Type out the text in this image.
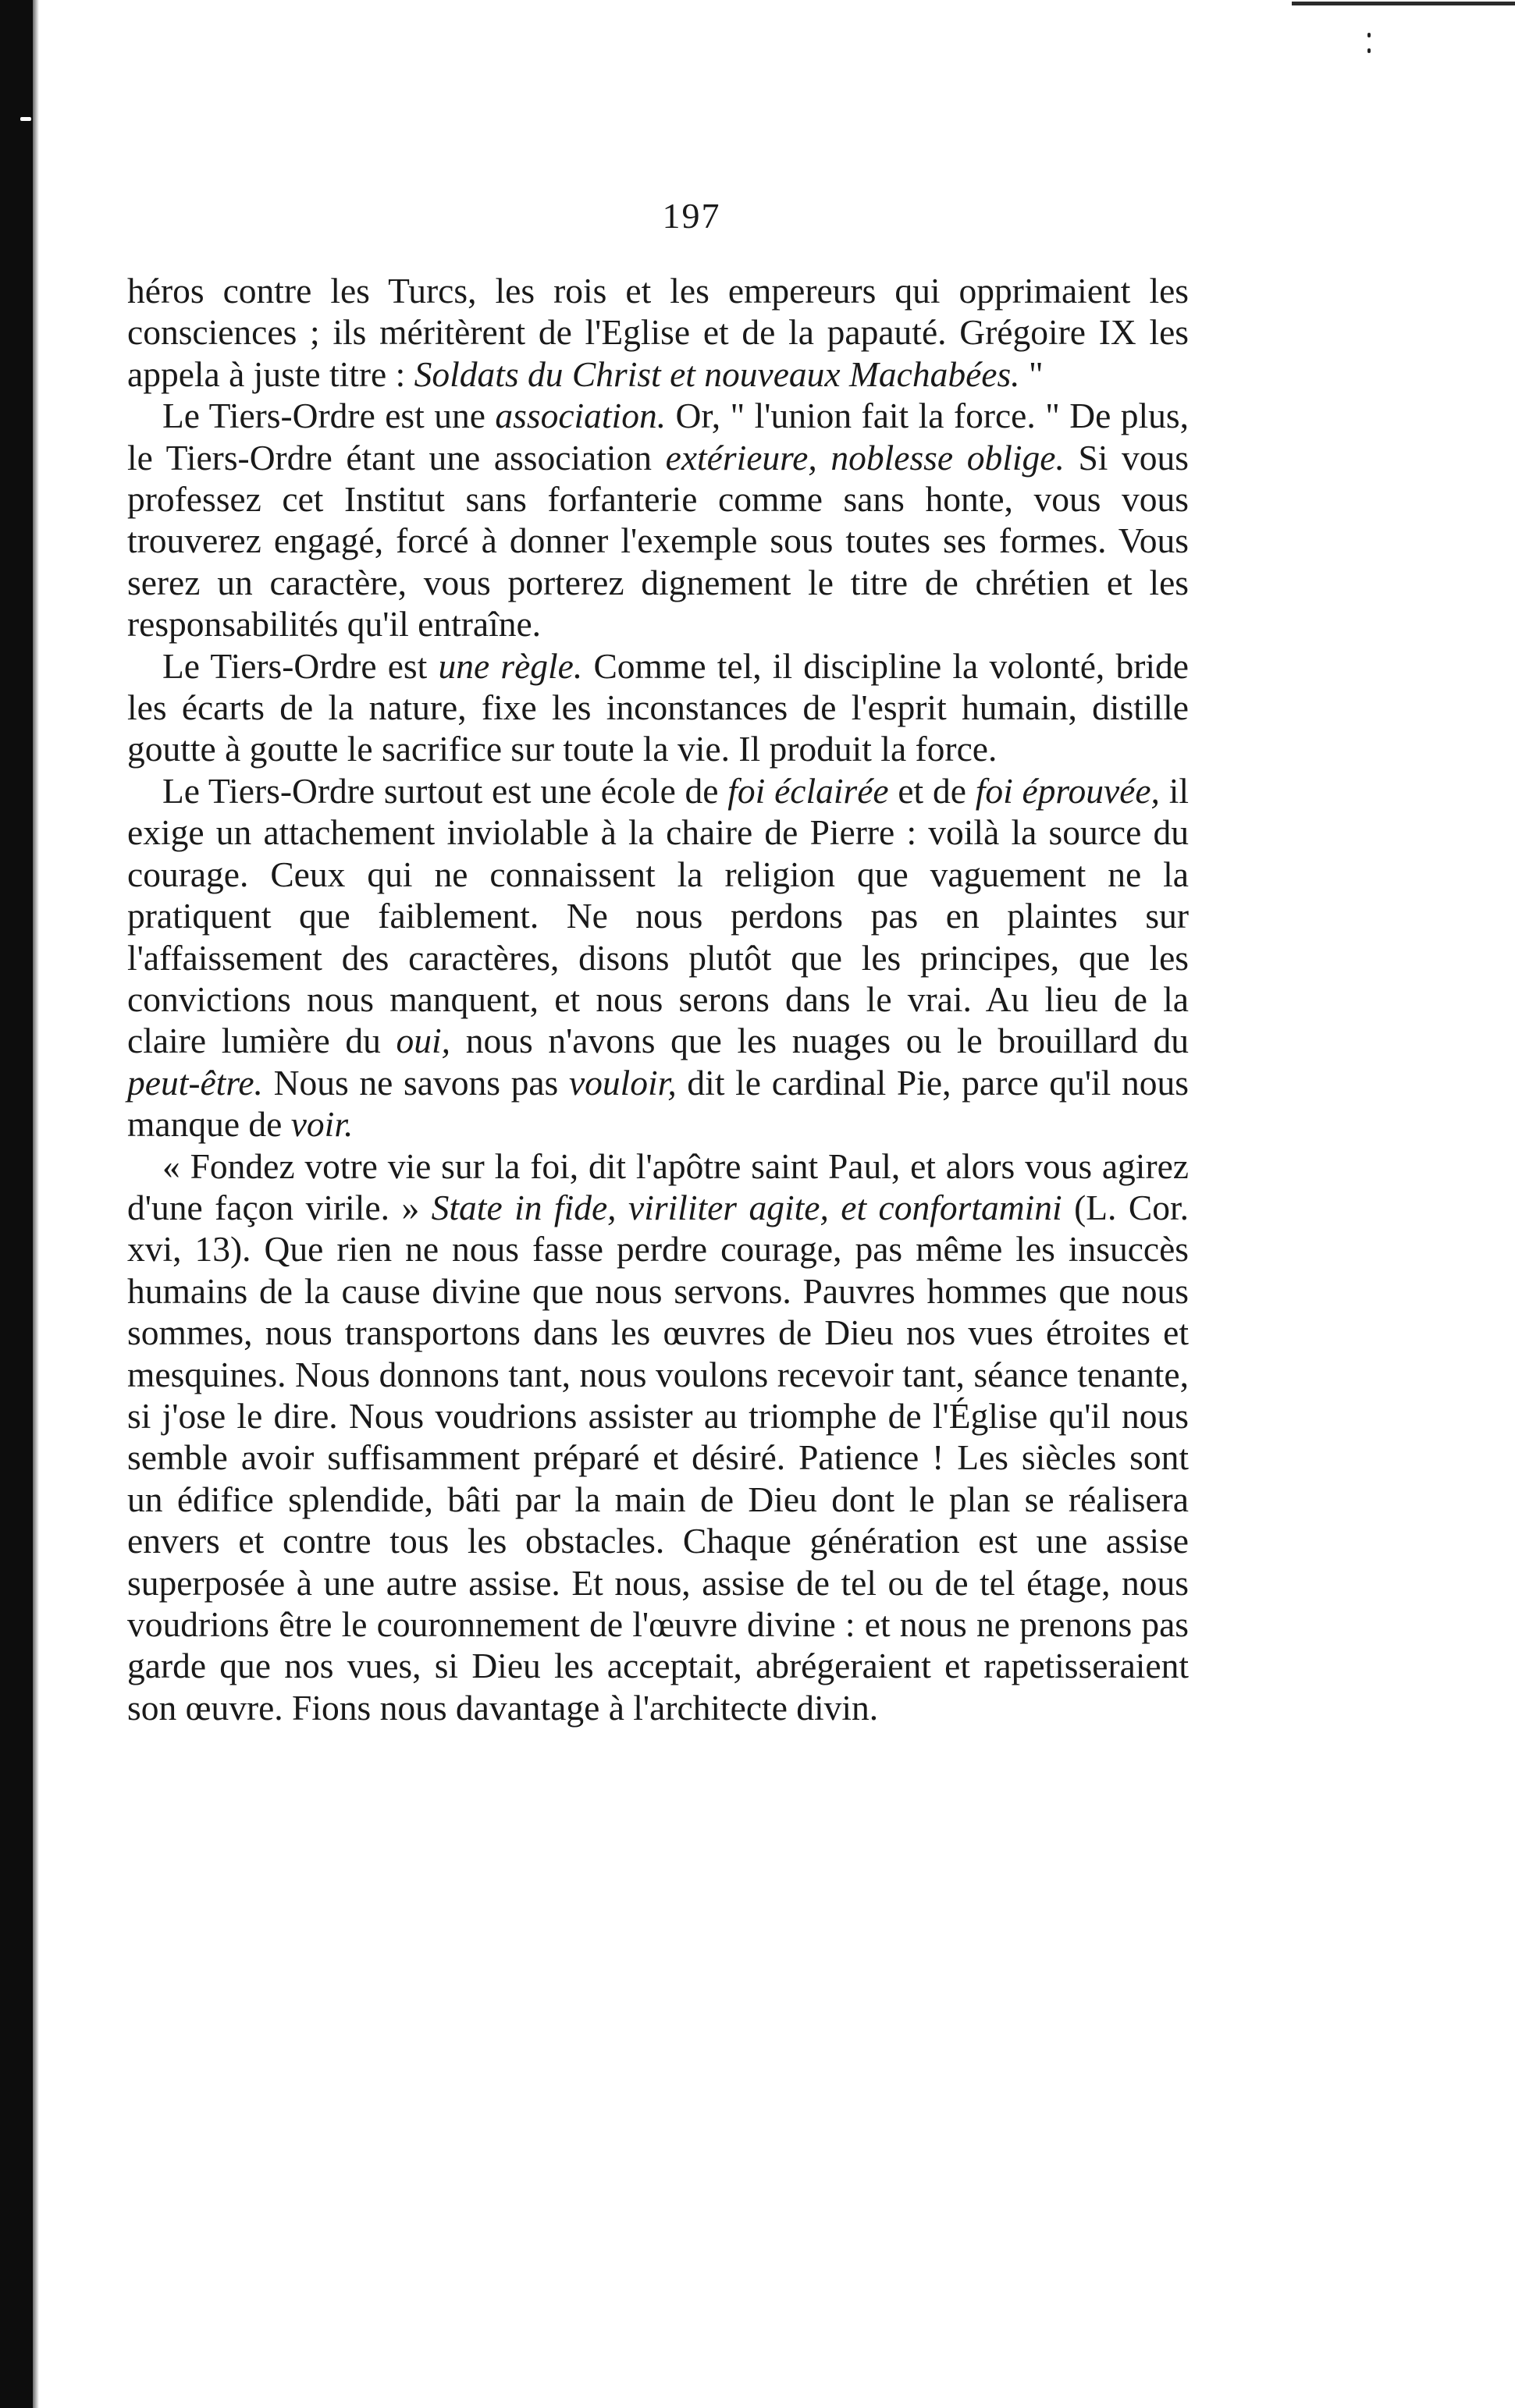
197

héros contre les Turcs, les rois et les empereurs qui opprimaient les consciences ; ils méritèrent de l'Eglise et de la papauté. Grégoire IX les appela à juste titre : Soldats du Christ et nouveaux Machabées. "

Le Tiers-Ordre est une association. Or, " l'union fait la force. " De plus, le Tiers-Ordre étant une association extérieure, noblesse oblige. Si vous professez cet Institut sans forfanterie comme sans honte, vous vous trouverez engagé, forcé à donner l'exemple sous toutes ses formes. Vous serez un caractère, vous porterez dignement le titre de chrétien et les responsabilités qu'il entraîne.

Le Tiers-Ordre est une règle. Comme tel, il discipline la volonté, bride les écarts de la nature, fixe les inconstances de l'esprit humain, distille goutte à goutte le sacrifice sur toute la vie. Il produit la force.

Le Tiers-Ordre surtout est une école de foi éclairée et de foi éprouvée, il exige un attachement inviolable à la chaire de Pierre : voilà la source du courage. Ceux qui ne connaissent la religion que vaguement ne la pratiquent que faiblement. Ne nous perdons pas en plaintes sur l'affaissement des caractères, disons plutôt que les principes, que les convictions nous manquent, et nous serons dans le vrai. Au lieu de la claire lumière du oui, nous n'avons que les nuages ou le brouillard du peut-être. Nous ne savons pas vouloir, dit le cardinal Pie, parce qu'il nous manque de voir.

« Fondez votre vie sur la foi, dit l'apôtre saint Paul, et alors vous agirez d'une façon virile. » State in fide, viriliter agite, et confortamini (L. Cor. xvi, 13). Que rien ne nous fasse perdre courage, pas même les insuccès humains de la cause divine que nous servons. Pauvres hommes que nous sommes, nous transportons dans les œuvres de Dieu nos vues étroites et mesquines. Nous donnons tant, nous voulons recevoir tant, séance tenante, si j'ose le dire. Nous voudrions assister au triomphe de l'Église qu'il nous semble avoir suffisamment préparé et désiré. Patience ! Les siècles sont un édifice splendide, bâti par la main de Dieu dont le plan se réalisera envers et contre tous les obstacles. Chaque génération est une assise superposée à une autre assise. Et nous, assise de tel ou de tel étage, nous voudrions être le couronnement de l'œuvre divine : et nous ne prenons pas garde que nos vues, si Dieu les acceptait, abrégeraient et rapetisseraient son œuvre. Fions nous davantage à l'architecte divin.
